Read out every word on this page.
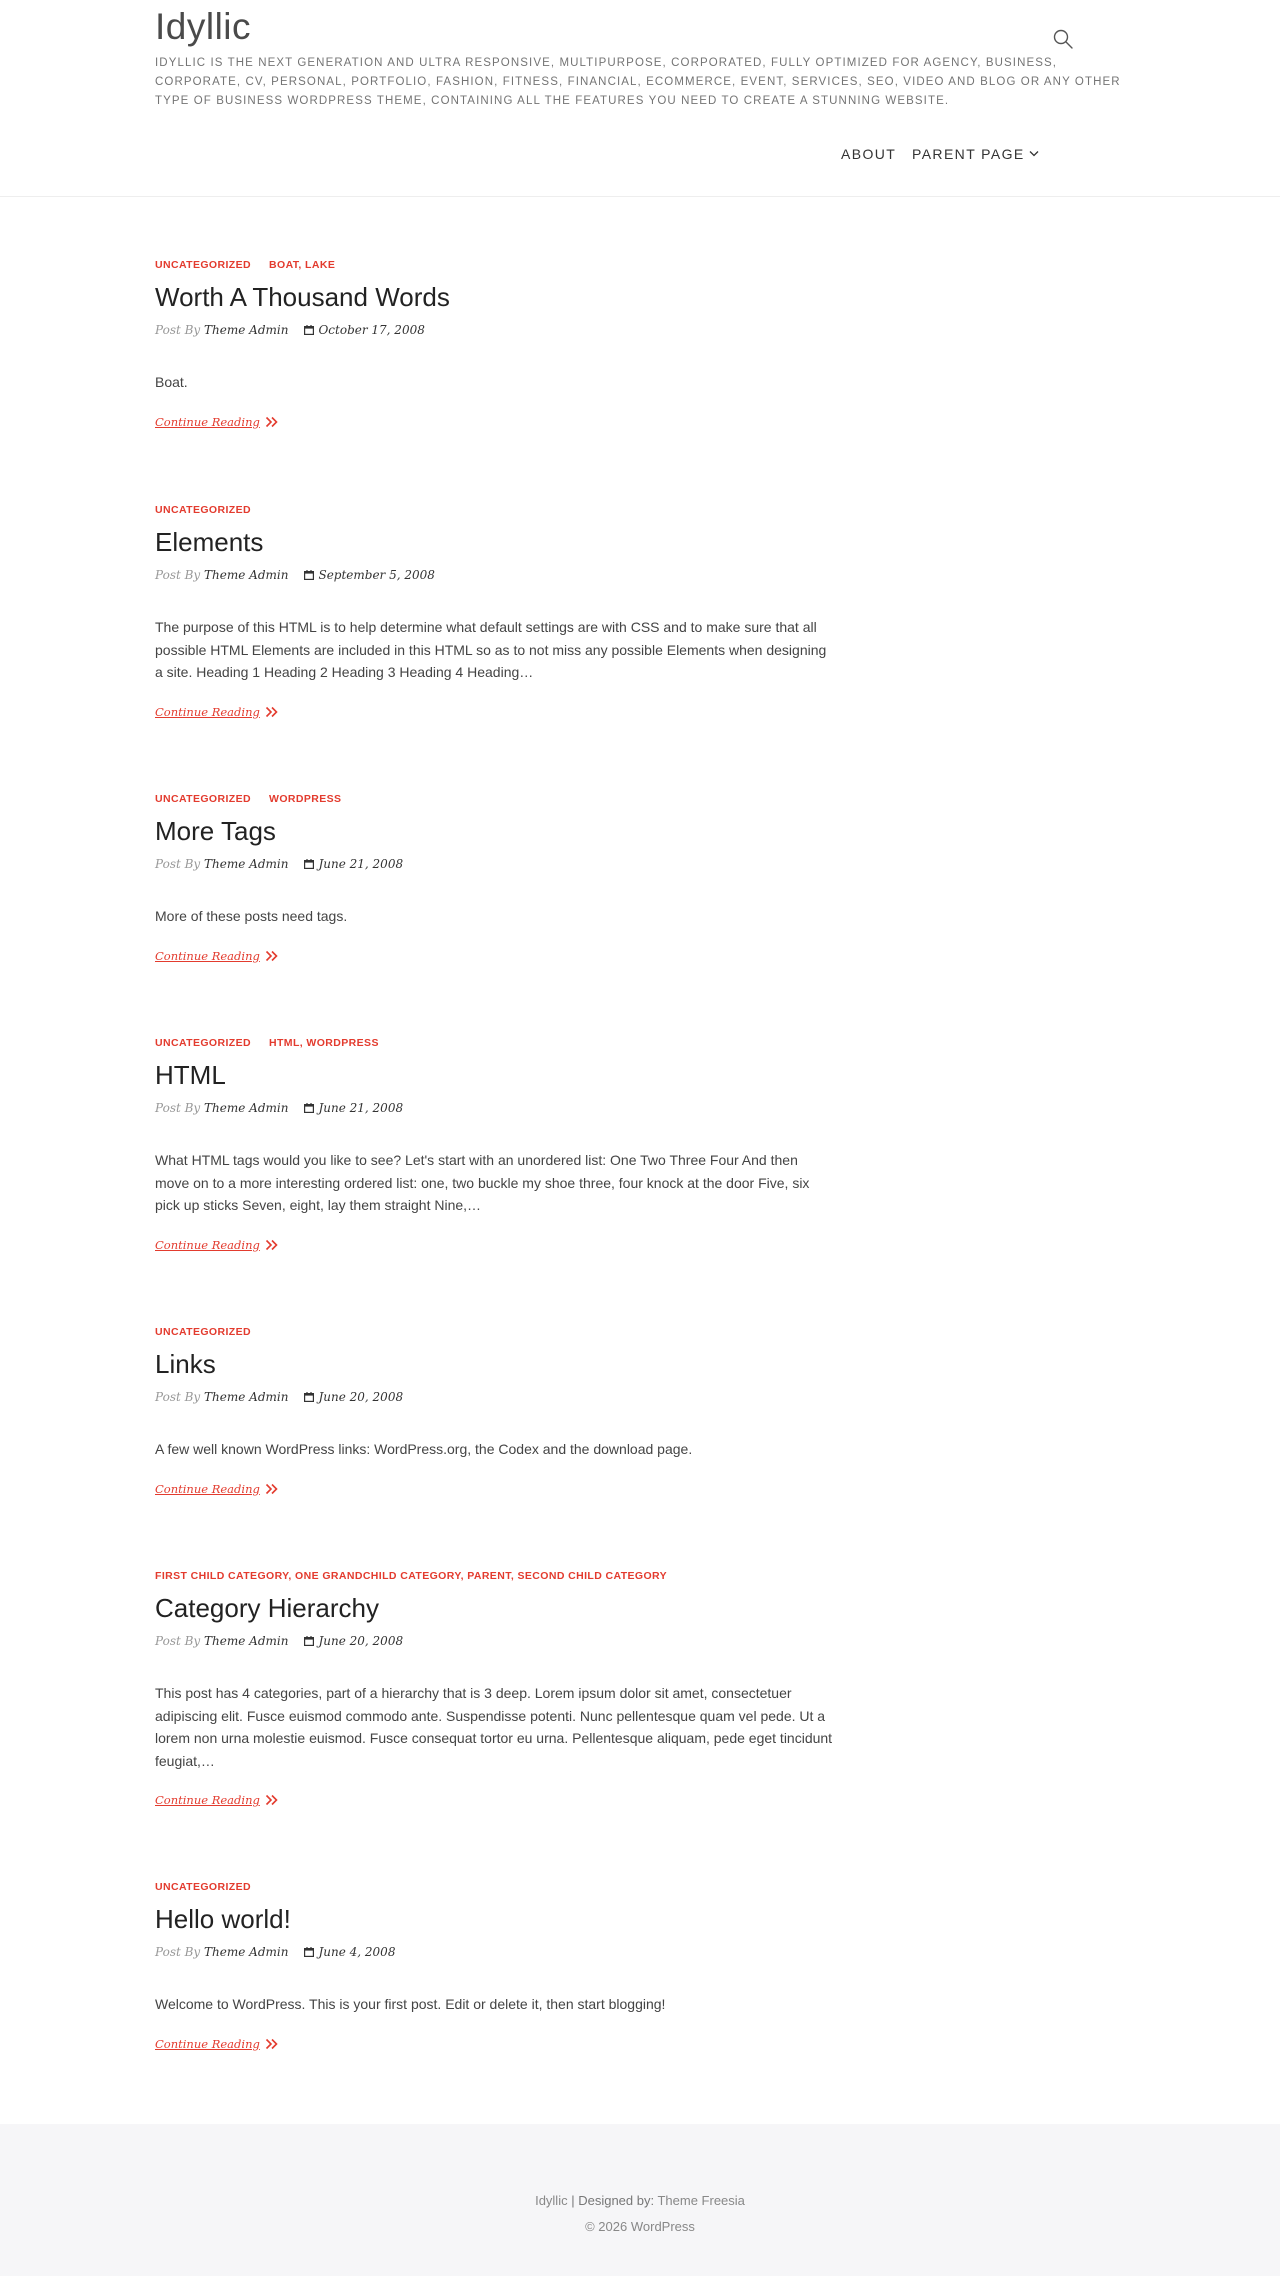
Idyllic
IDYLLIC IS THE NEXT GENERATION AND ULTRA RESPONSIVE, MULTIPURPOSE, CORPORATED, FULLY OPTIMIZED FOR AGENCY, BUSINESS, CORPORATE, CV, PERSONAL, PORTFOLIO, FASHION, FITNESS, FINANCIAL, ECOMMERCE, EVENT, SERVICES, SEO, VIDEO AND BLOG OR ANY OTHER TYPE OF BUSINESS WORDPRESS THEME, CONTAINING ALL THE FEATURES YOU NEED TO CREATE A STUNNING WEBSITE.
ABOUT PARENT PAGE
UNCATEGORIZED BOAT, LAKE
Worth A Thousand Words
Post By Theme Admin	October 17, 2008

Boat.

Continue Reading
UNCATEGORIZED
Elements
Post By Theme Admin	September 5, 2008

The purpose of this HTML is to help determine what default settings are with CSS and to make sure that all possible HTML Elements are included in this HTML so as to not miss any possible Elements when designing a site. Heading 1 Heading 2 Heading 3 Heading 4 Heading…

Continue Reading
UNCATEGORIZED WORDPRESS
More Tags
Post By Theme Admin	June 21, 2008

More of these posts need tags.

Continue Reading
UNCATEGORIZED HTML, WORDPRESS
HTML
Post By Theme Admin	June 21, 2008

What HTML tags would you like to see? Let's start with an unordered list: One Two Three Four And then move on to a more interesting ordered list: one, two buckle my shoe three, four knock at the door Five, six pick up sticks Seven, eight, lay them straight Nine,…

Continue Reading
UNCATEGORIZED
Links
Post By Theme Admin	June 20, 2008

A few well known WordPress links: WordPress.org, the Codex and the download page.

Continue Reading
FIRST CHILD CATEGORY, ONE GRANDCHILD CATEGORY, PARENT, SECOND CHILD CATEGORY
Category Hierarchy
Post By Theme Admin	June 20, 2008

This post has 4 categories, part of a hierarchy that is 3 deep. Lorem ipsum dolor sit amet, consectetuer adipiscing elit. Fusce euismod commodo ante. Suspendisse potenti. Nunc pellentesque quam vel pede. Ut a lorem non urna molestie euismod. Fusce consequat tortor eu urna. Pellentesque aliquam, pede eget tincidunt feugiat,…

Continue Reading
UNCATEGORIZED
Hello world!
Post By Theme Admin	June 4, 2008

Welcome to WordPress. This is your first post. Edit or delete it, then start blogging!

Continue Reading
Idyllic | Designed by: Theme Freesia
© 2026 WordPress
